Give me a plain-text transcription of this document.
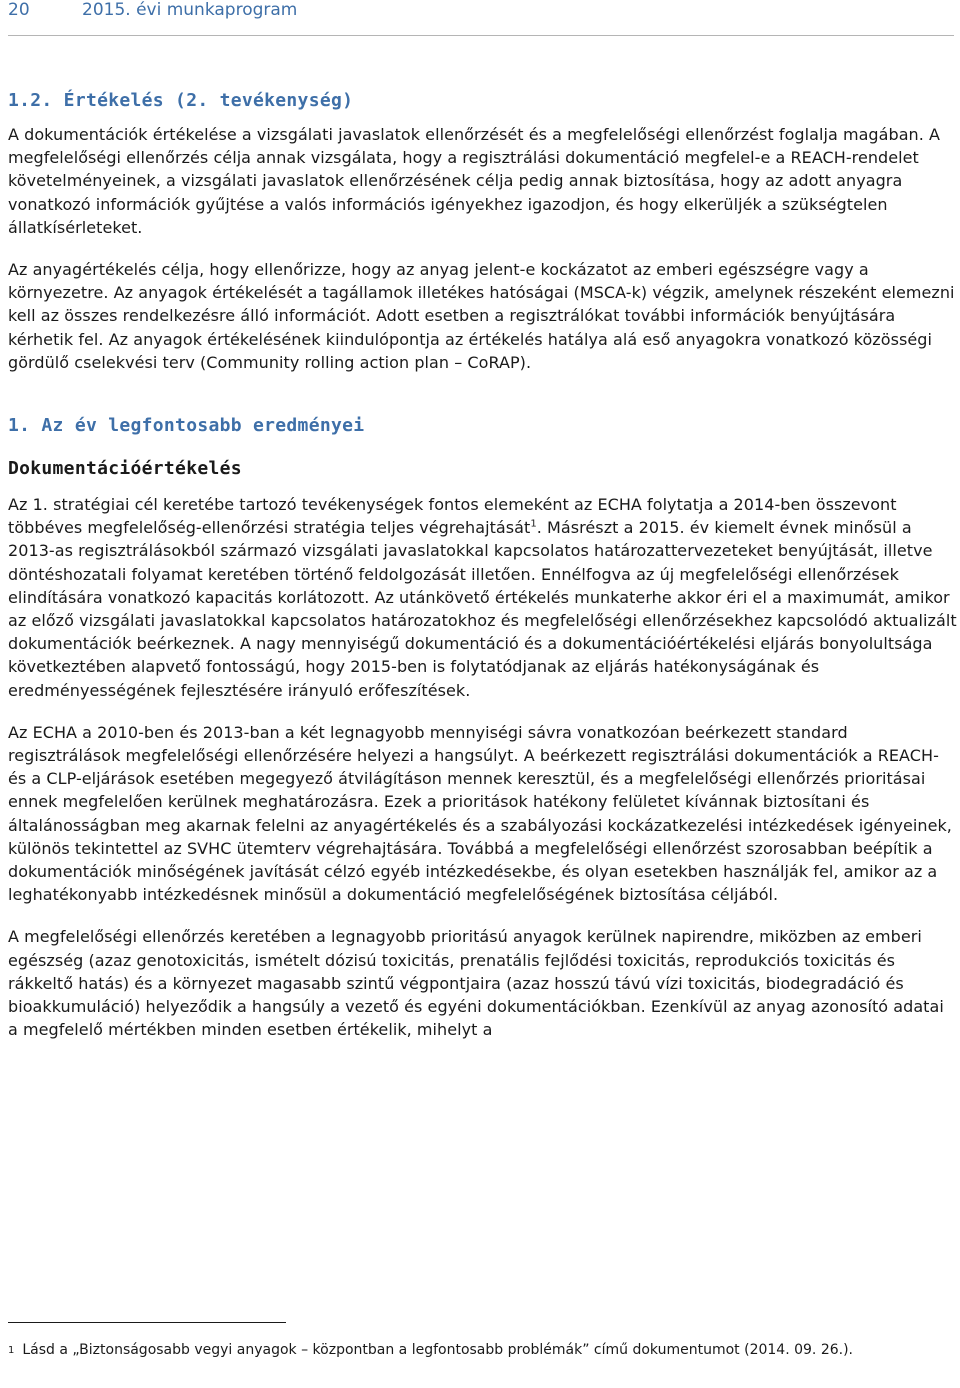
20	2015. évi munkaprogram
1.2. Értékelés (2. tevékenység)

A dokumentációk értékelése a vizsgálati javaslatok ellenőrzését és a megfelelőségi ellenőrzést foglalja magában. A megfelelőségi ellenőrzés célja annak vizsgálata, hogy a regisztrálási dokumentáció megfelel-e a REACH-rendelet követelményeinek, a vizsgálati javaslatok ellenőrzésének célja pedig annak biztosítása, hogy az adott anyagra vonatkozó információk gyűjtése a valós információs igényekhez igazodjon, és hogy elkerüljék a szükségtelen állatkísérleteket.

Az anyagértékelés célja, hogy ellenőrizze, hogy az anyag jelent-e kockázatot az emberi egészségre vagy a környezetre. Az anyagok értékelését a tagállamok illetékes hatóságai (MSCA-k) végzik, amelynek részeként elemezni kell az összes rendelkezésre álló információt. Adott esetben a regisztrálókat további információk benyújtására kérhetik fel. Az anyagok értékelésének kiindulópontja az értékelés hatálya alá eső anyagokra vonatkozó közösségi gördülő cselekvési terv (Community rolling action plan – CoRAP).

1. Az év legfontosabb eredményei
Dokumentációértékelés

Az 1. stratégiai cél keretébe tartozó tevékenységek fontos elemeként az ECHA folytatja a 2014-ben összevont többéves megfelelőség-ellenőrzési stratégia teljes végrehajtását$^1$. Másrészt a 2015. év kiemelt évnek minősül a 2013-as regisztrálásokból származó vizsgálati javaslatokkal kapcsolatos határozattervezeteket benyújtását, illetve döntéshozatali folyamat keretében történő feldolgozását illetően. Ennélfogva az új megfelelőségi ellenőrzések elindítására vonatkozó kapacitás korlátozott. Az utánkövető értékelés munkaterhe akkor éri el a maximumát, amikor az előző vizsgálati javaslatokkal kapcsolatos határozatokhoz és megfelelőségi ellenőrzésekhez kapcsolódó aktualizált dokumentációk beérkeznek. A nagy mennyiségű dokumentáció és a dokumentációértékelési eljárás bonyolultsága következtében alapvető fontosságú, hogy 2015-ben is folytatódjanak az eljárás hatékonyságának és eredményességének fejlesztésére irányuló erőfeszítések.

Az ECHA a 2010-ben és 2013-ban a két legnagyobb mennyiségi sávra vonatkozóan beérkezett standard regisztrálások megfelelőségi ellenőrzésére helyezi a hangsúlyt. A beérkezett regisztrálási dokumentációk a REACH- és a CLP-eljárások esetében megegyező átvilágításon mennek keresztül, és a megfelelőségi ellenőrzés prioritásai ennek megfelelően kerülnek meghatározásra. Ezek a prioritások hatékony felületet kívánnak biztosítani és általánosságban meg akarnak felelni az anyagértékelés és a szabályozási kockázatkezelési intézkedések igényeinek, különös tekintettel az SVHC ütemterv végrehajtására. Továbbá a megfelelőségi ellenőrzést szorosabban beépítik a dokumentációk minőségének javítását célzó egyéb intézkedésekbe, és olyan esetekben használják fel, amikor az a leghatékonyabb intézkedésnek minősül a dokumentáció megfelelőségének biztosítása céljából.

A megfelelőségi ellenőrzés keretében a legnagyobb prioritású anyagok kerülnek napirendre, miközben az emberi egészség (azaz genotoxicitás, ismételt dózisú toxicitás, prenatális fejlődési toxicitás, reprodukciós toxicitás és rákkeltő hatás) és a környezet magasabb szintű végpontjaira (azaz hosszú távú vízi toxicitás, biodegradáció és bioakkumuláció) helyeződik a hangsúly a vezető és egyéni dokumentációkban. Ezenkívül az anyag azonosító adatai a megfelelő mértékben minden esetben értékelik, mihelyt a

$^1$ Lásd a „Biztonságosabb vegyi anyagok – központban a legfontosabb problémák” című dokumentumot (2014. 09. 26.).
